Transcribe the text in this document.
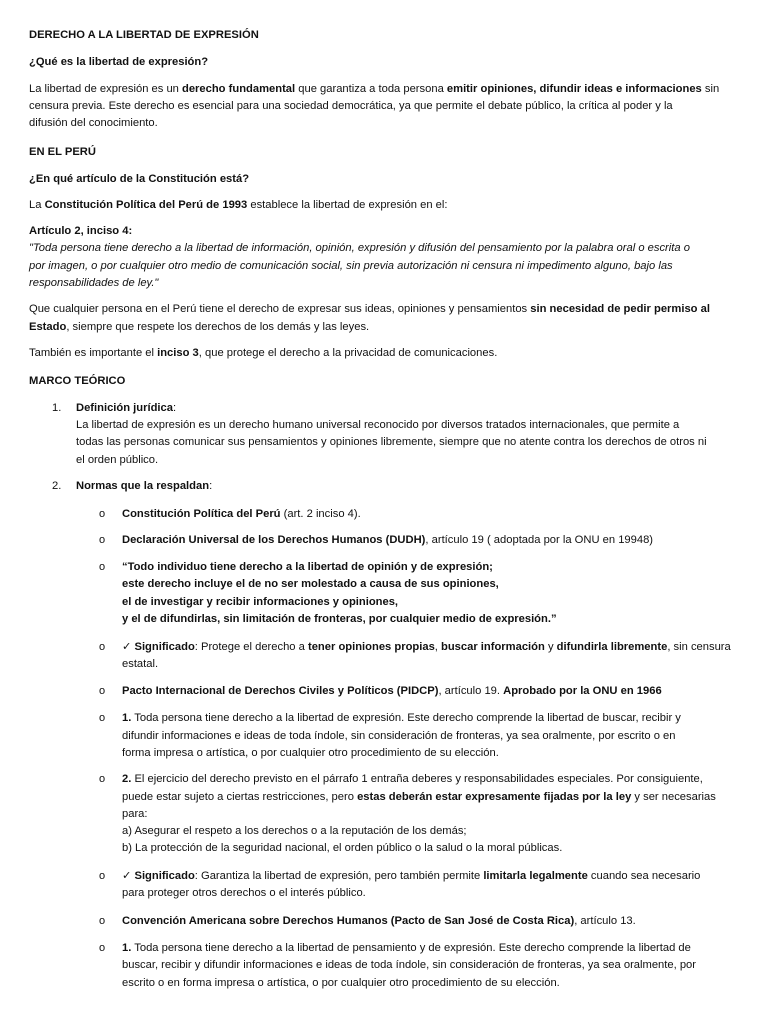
DERECHO A LA LIBERTAD DE EXPRESIÓN
¿Qué es la libertad de expresión?
La libertad de expresión es un derecho fundamental que garantiza a toda persona emitir opiniones, difundir ideas e informaciones sin
censura previa. Este derecho es esencial para una sociedad democrática, ya que permite el debate público, la crítica al poder y la
difusión del conocimiento.
EN EL PERÚ
¿En qué artículo de la Constitución está?
La Constitución Política del Perú de 1993 establece la libertad de expresión en el:
Artículo 2, inciso 4:
"Toda persona tiene derecho a la libertad de información, opinión, expresión y difusión del pensamiento por la palabra oral o escrita o
por imagen, o por cualquier otro medio de comunicación social, sin previa autorización ni censura ni impedimento alguno, bajo las
responsabilidades de ley."
Que cualquier persona en el Perú tiene el derecho de expresar sus ideas, opiniones y pensamientos sin necesidad de pedir permiso al
Estado, siempre que respete los derechos de los demás y las leyes.
También es importante el inciso 3, que protege el derecho a la privacidad de comunicaciones.
MARCO TEÓRICO
1. Definición jurídica:
La libertad de expresión es un derecho humano universal reconocido por diversos tratados internacionales, que permite a
todas las personas comunicar sus pensamientos y opiniones libremente, siempre que no atente contra los derechos de otros ni
el orden público.
2. Normas que la respaldan:
o Constitución Política del Perú (art. 2 inciso 4).
o Declaración Universal de los Derechos Humanos (DUDH), artículo 19 ( adoptada por la ONU en 19948)
o “Todo individuo tiene derecho a la libertad de opinión y de expresión;
este derecho incluye el de no ser molestado a causa de sus opiniones,
el de investigar y recibir informaciones y opiniones,
y el de difundirlas, sin limitación de fronteras, por cualquier medio de expresión.”
o ✓ Significado: Protege el derecho a tener opiniones propias, buscar información y difundirla libremente, sin censura
estatal.
o Pacto Internacional de Derechos Civiles y Políticos (PIDCP), artículo 19. Aprobado por la ONU en 1966
o 1. Toda persona tiene derecho a la libertad de expresión. Este derecho comprende la libertad de buscar, recibir y
difundir informaciones e ideas de toda índole, sin consideración de fronteras, ya sea oralmente, por escrito o en
forma impresa o artística, o por cualquier otro procedimiento de su elección.
o 2. El ejercicio del derecho previsto en el párrafo 1 entraña deberes y responsabilidades especiales. Por consiguiente,
puede estar sujeto a ciertas restricciones, pero estas deberán estar expresamente fijadas por la ley y ser necesarias
para:
a) Asegurar el respeto a los derechos o a la reputación de los demás;
b) La protección de la seguridad nacional, el orden público o la salud o la moral públicas.
o ✓ Significado: Garantiza la libertad de expresión, pero también permite limitarla legalmente cuando sea necesario
para proteger otros derechos o el interés público.
o Convención Americana sobre Derechos Humanos (Pacto de San José de Costa Rica), artículo 13.
o 1. Toda persona tiene derecho a la libertad de pensamiento y de expresión. Este derecho comprende la libertad de
buscar, recibir y difundir informaciones e ideas de toda índole, sin consideración de fronteras, ya sea oralmente, por
escrito o en forma impresa o artística, o por cualquier otro procedimiento de su elección.
